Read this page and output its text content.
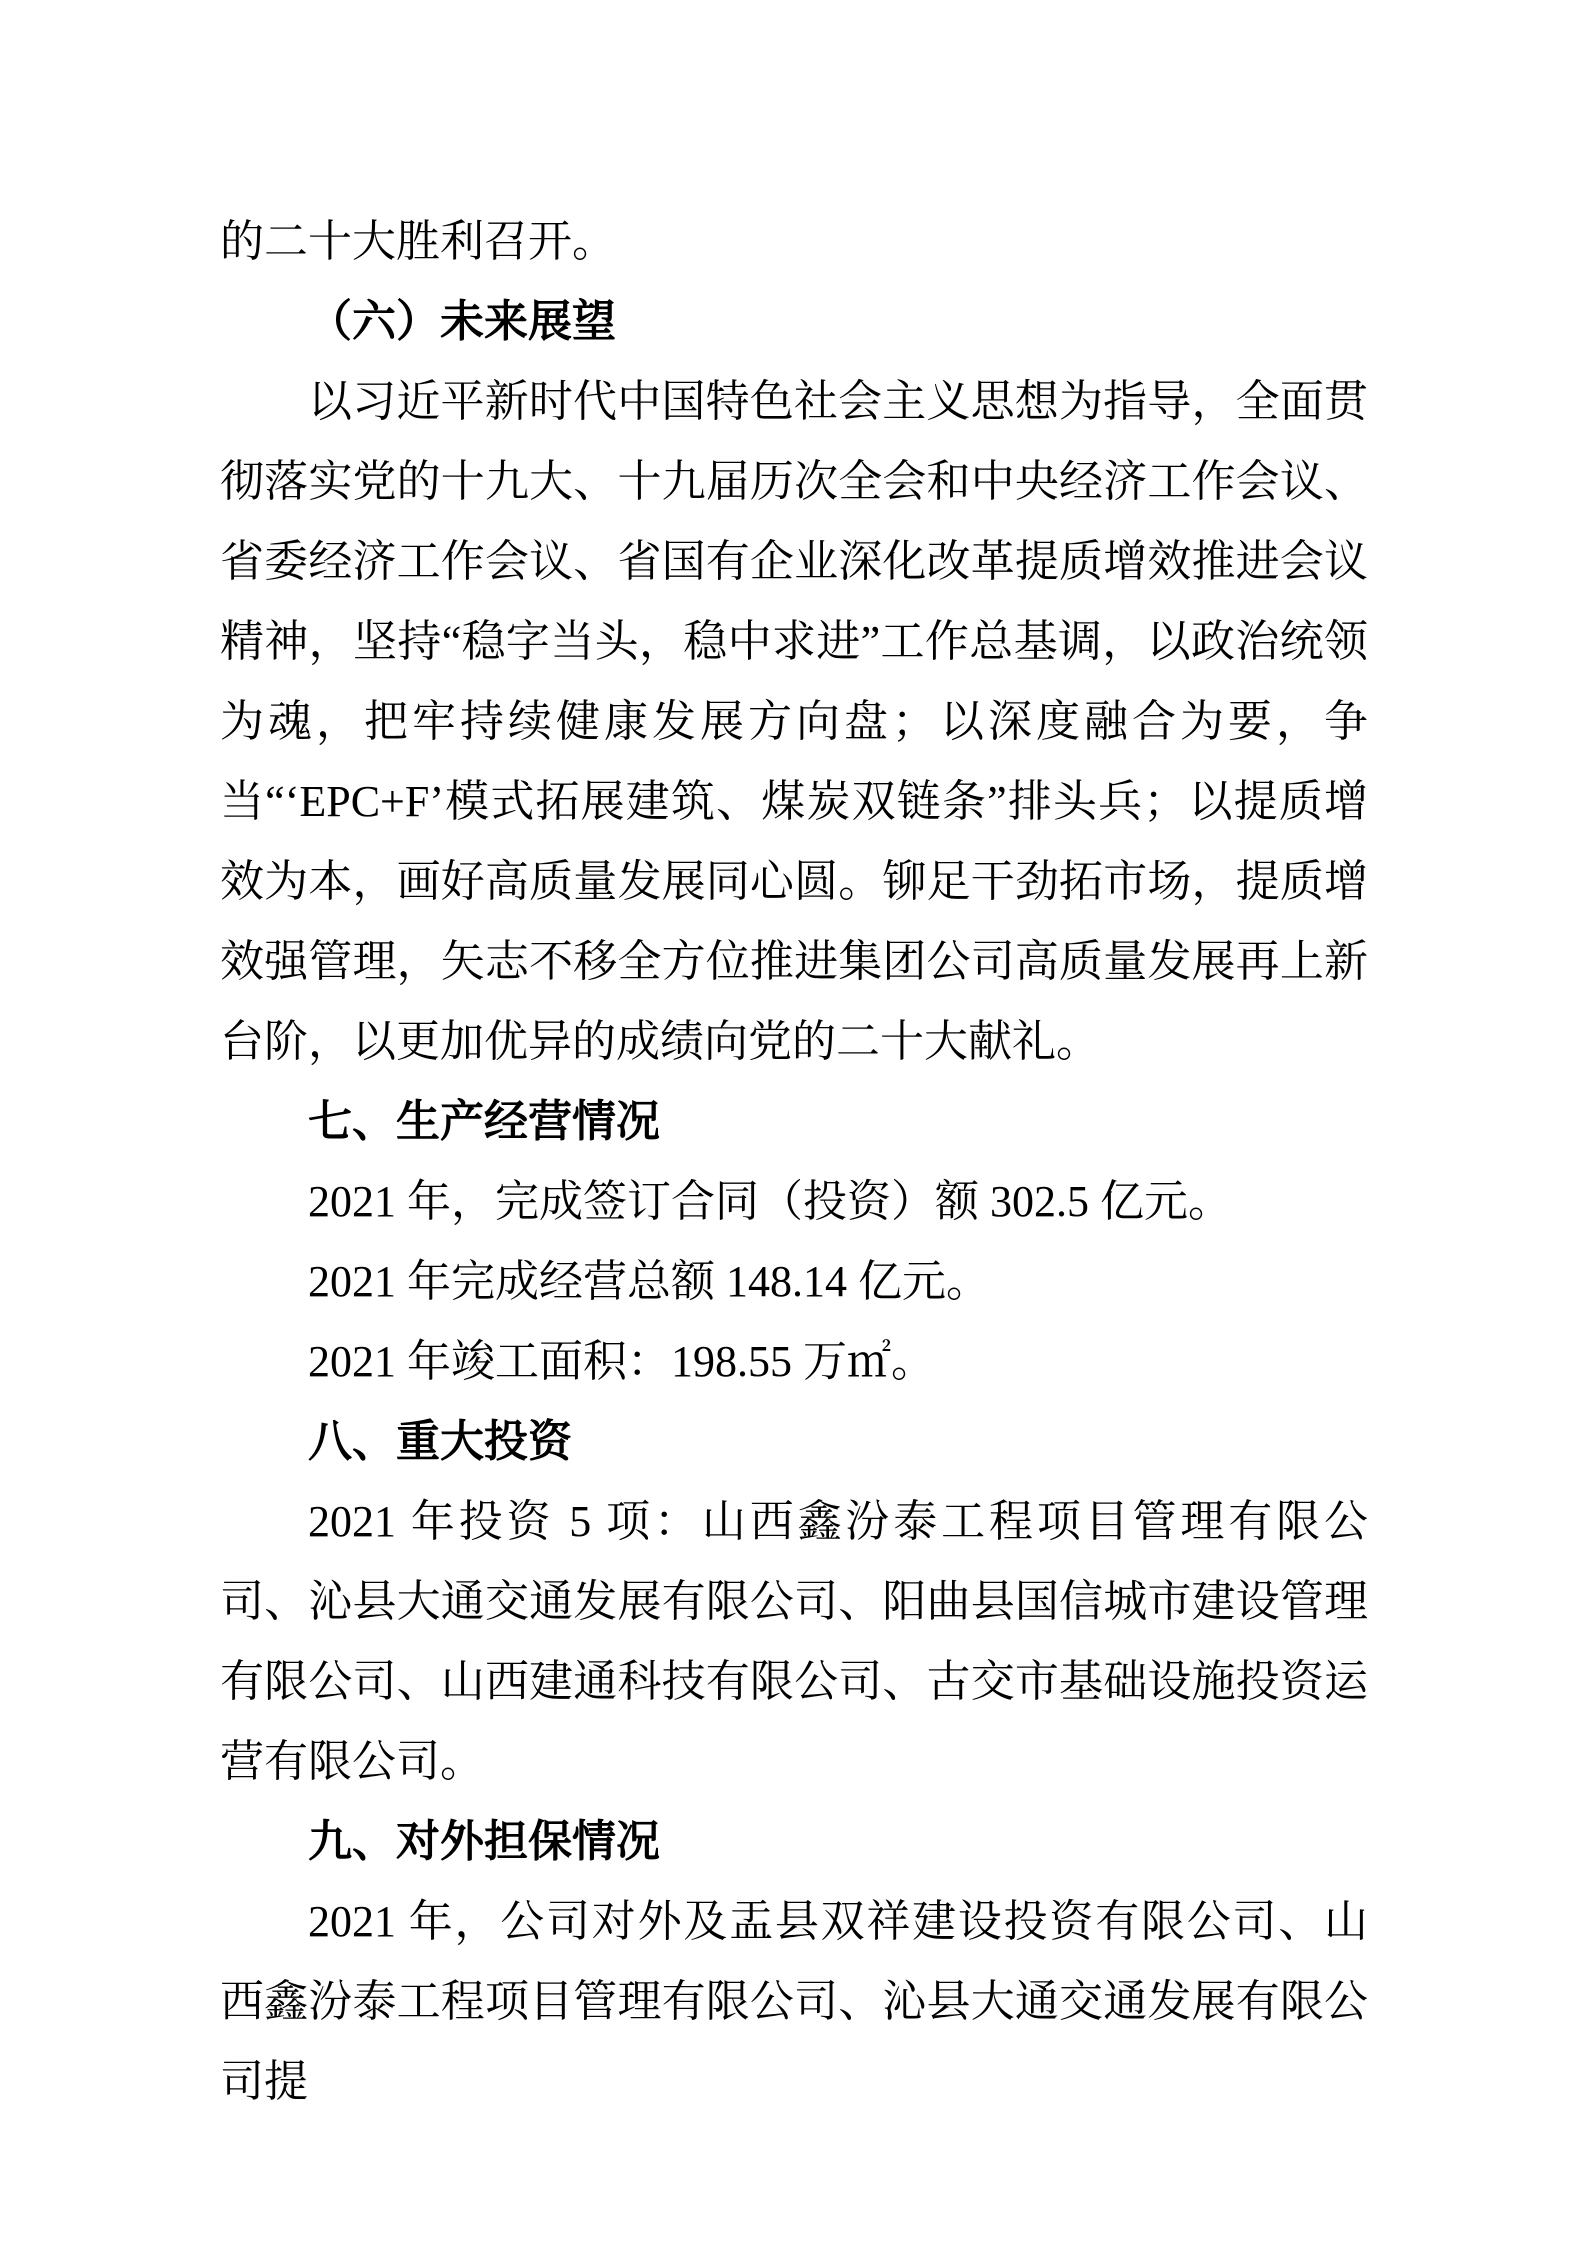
的二十大胜利召开。

（六）未来展望

以习近平新时代中国特色社会主义思想为指导，全面贯彻落实党的十九大、十九届历次全会和中央经济工作会议、省委经济工作会议、省国有企业深化改革提质增效推进会议精神，坚持“稳字当头，稳中求进”工作总基调，以政治统领为魂，把牢持续健康发展方向盘；以深度融合为要，争当“‘EPC+F’模式拓展建筑、煤炭双链条”排头兵；以提质增效为本，画好高质量发展同心圆。铆足干劲拓市场，提质增效强管理，矢志不移全方位推进集团公司高质量发展再上新台阶，以更加优异的成绩向党的二十大献礼。

七、生产经营情况

2021 年，完成签订合同（投资）额 302.5 亿元。

2021 年完成经营总额 148.14 亿元。

2021 年竣工面积：198.55 万㎡。

八、重大投资

2021 年投资 5 项：山西鑫汾泰工程项目管理有限公司、沁县大通交通发展有限公司、阳曲县国信城市建设管理有限公司、山西建通科技有限公司、古交市基础设施投资运营有限公司。

九、对外担保情况

2021 年，公司对外及盂县双祥建设投资有限公司、山西鑫汾泰工程项目管理有限公司、沁县大通交通发展有限公司提
